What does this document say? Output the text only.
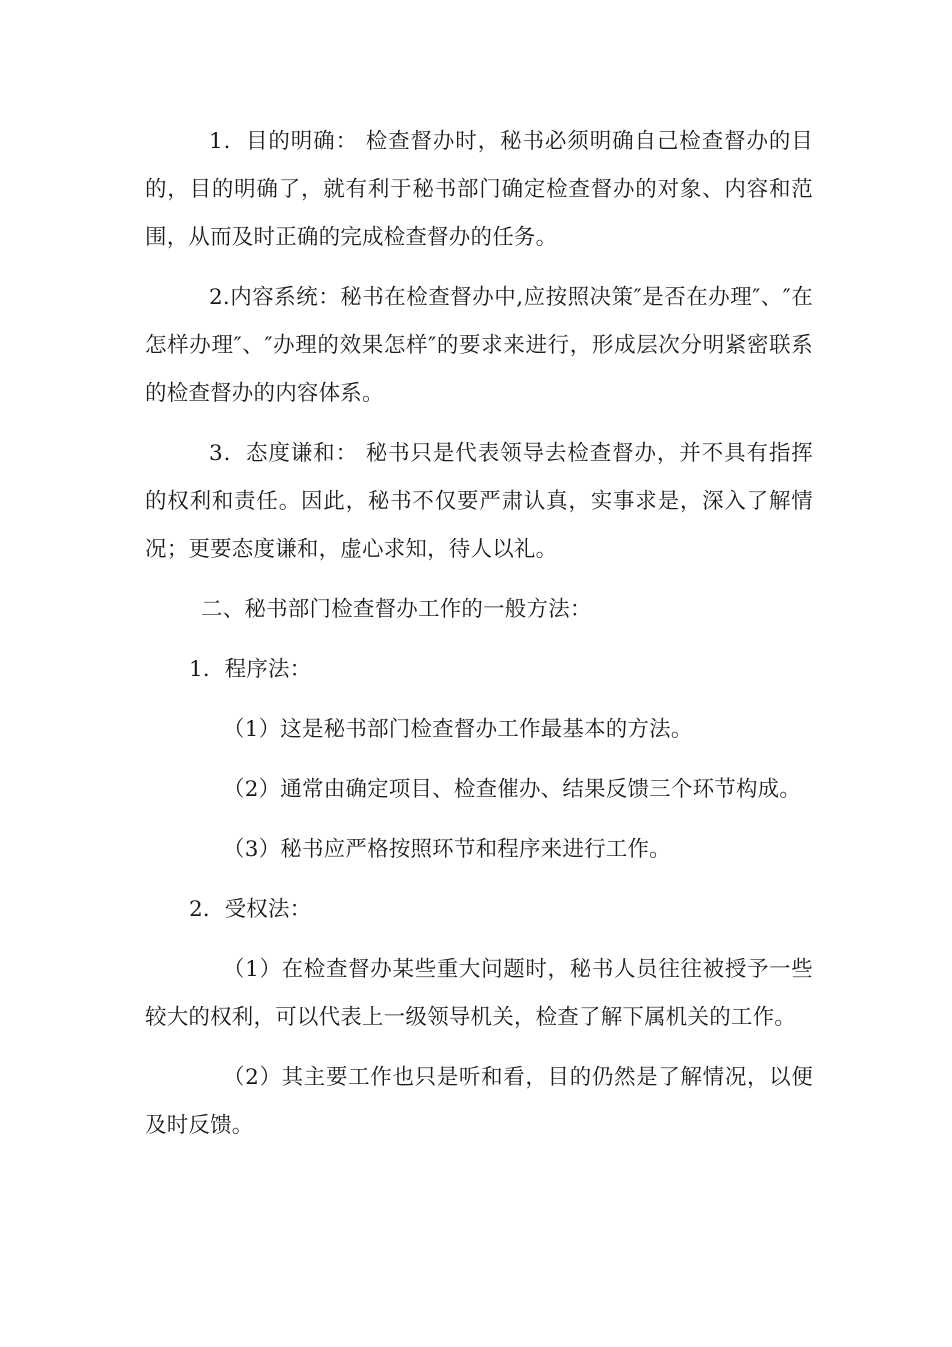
1．目的明确： 检查督办时，秘书必须明确自己检查督办的目的，目的明确了，就有利于秘书部门确定检查督办的对象、内容和范围，从而及时正确的完成检查督办的任务。

2.内容系统：秘书在检查督办中,应按照决策″是否在办理″、″在怎样办理″、″办理的效果怎样″的要求来进行，形成层次分明紧密联系的检查督办的内容体系。

3．态度谦和： 秘书只是代表领导去检查督办，并不具有指挥的权利和责任。因此，秘书不仅要严肃认真，实事求是，深入了解情况；更要态度谦和，虚心求知，待人以礼。

二、秘书部门检查督办工作的一般方法：

1．程序法：

（1）这是秘书部门检查督办工作最基本的方法。

（2）通常由确定项目、检查催办、结果反馈三个环节构成。

（3）秘书应严格按照环节和程序来进行工作。

2．受权法：

（1）在检查督办某些重大问题时，秘书人员往往被授予一些较大的权利，可以代表上一级领导机关，检查了解下属机关的工作。

（2）其主要工作也只是听和看，目的仍然是了解情况，以便及时反馈。
